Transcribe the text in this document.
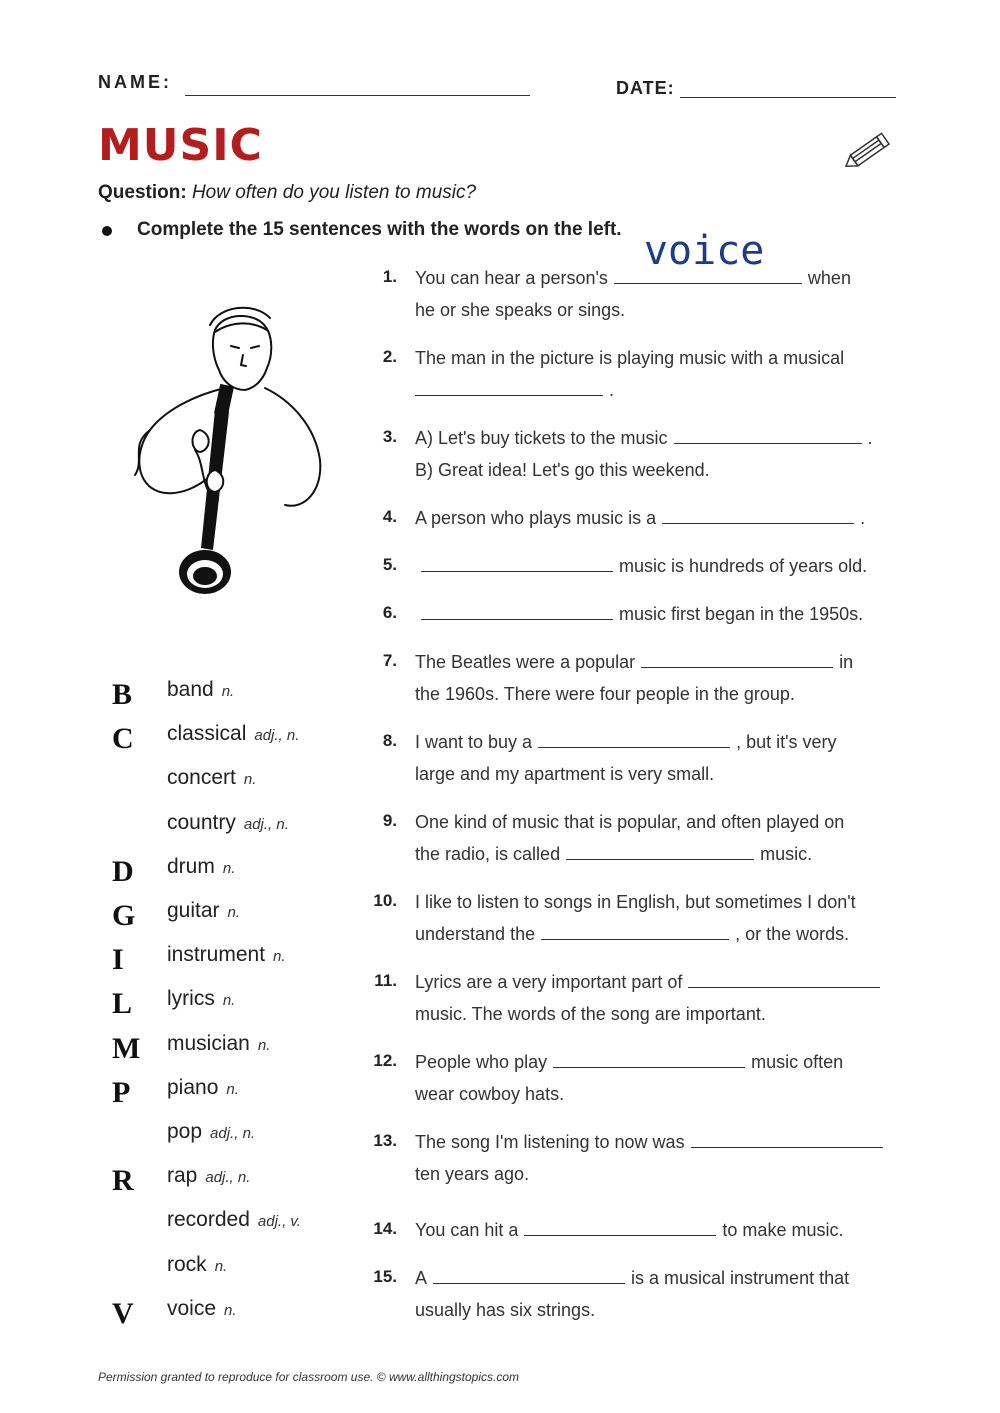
NAME:	DATE:
MUSIC
Question: How often do you listen to music?
Complete the 15 sentences with the words on the left.
B band n.
C classical adj., n.
concert n.
country adj., n.
D drum n.
G guitar n.
I instrument n.
L lyrics n.
M musician n.
P piano n.
pop adj., n.
R rap adj., n.
recorded adj., v.
rock n.
V voice n.
1. You can hear a person's
voice
when
he or she speaks or sings.
2. The man in the picture is playing music with a musical
.
3. A) Let's buy tickets to the music	.
B) Great idea! Let's go this weekend.
4. A person who plays music is a	.
5.	music is hundreds of years old.
6.	music first began in the 1950s.
7. The Beatles were a popular	in
the 1960s. There were four people in the group.
8. I want to buy a	, but it's very
large and my apartment is very small.
9. One kind of music that is popular, and often played on
the radio, is called	music.
10. I like to listen to songs in English, but sometimes I don't
understand the	, or the words.
11. Lyrics are a very important part of
music. The words of the song are important.
12. People who play	music often
wear cowboy hats.
13. The song I'm listening to now was
ten years ago.
14. You can hit a	to make music.
15. A	is a musical instrument that
usually has six strings.
Permission granted to reproduce for classroom use. © www.allthingstopics.com
